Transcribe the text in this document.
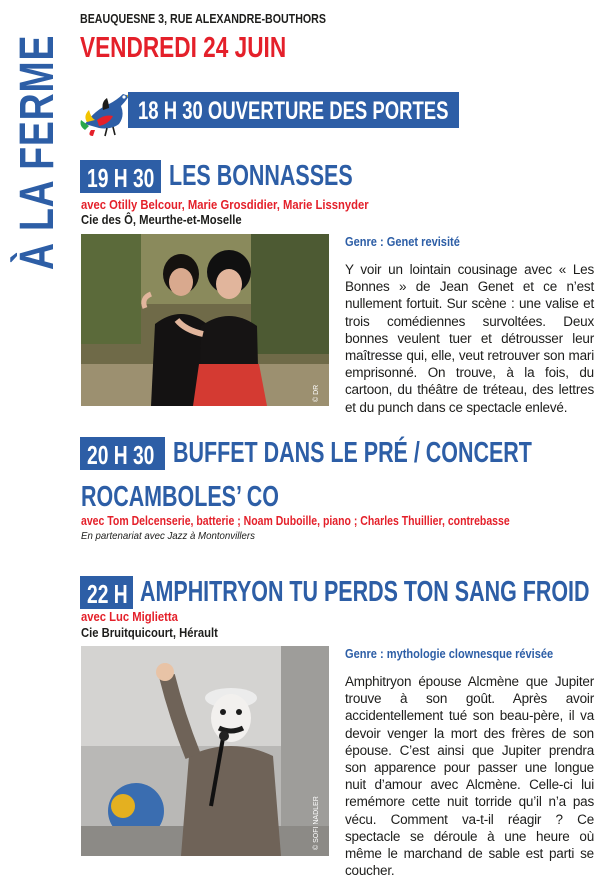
À LA FERME
BEAUQUESNE 3, RUE ALEXANDRE-BOUTHORS
VENDREDI 24 JUIN
18 H 30 OUVERTURE DES PORTES
19 H 30 LES BONNASSES
avec Otilly Belcour, Marie Grosdidier, Marie Lissnyder
Cie des Ô, Meurthe-et-Moselle
© DR
Genre : Genet revisité
Y voir un lointain cousinage avec « Les Bonnes » de Jean Genet et ce n’est nullement fortuit. Sur scène : une valise et trois comédiennes survoltées. Deux bonnes veulent tuer et détrousser leur maîtresse qui, elle, veut retrouver son mari emprisonné. On trouve, à la fois, du cartoon, du théâtre de tréteau, des lettres et du punch dans ce spectacle enlevé.
20 H 30 BUFFET DANS LE PRÉ / CONCERT
ROCAMBOLES’ CO
avec Tom Delcenserie, batterie ; Noam Duboille, piano ; Charles Thuillier, contrebasse
En partenariat avec Jazz à Montonvillers
22 H AMPHITRYON TU PERDS TON SANG FROID
avec Luc Miglietta
Cie Bruitquicourt, Hérault
© SOFI NADLER
Genre : mythologie clownesque révisée
Amphitryon épouse Alcmène que Jupiter trouve à son goût. Après avoir accidentellement tué son beau-père, il va devoir venger la mort des frères de son épouse. C’est ainsi que Jupiter prendra son apparence pour passer une longue nuit d’amour avec Alcmène. Celle-ci lui remémore cette nuit torride qu’il n’a pas vécu. Comment va-t-il réagir ? Ce spectacle se déroule à une heure où même le marchand de sable est parti se coucher.
